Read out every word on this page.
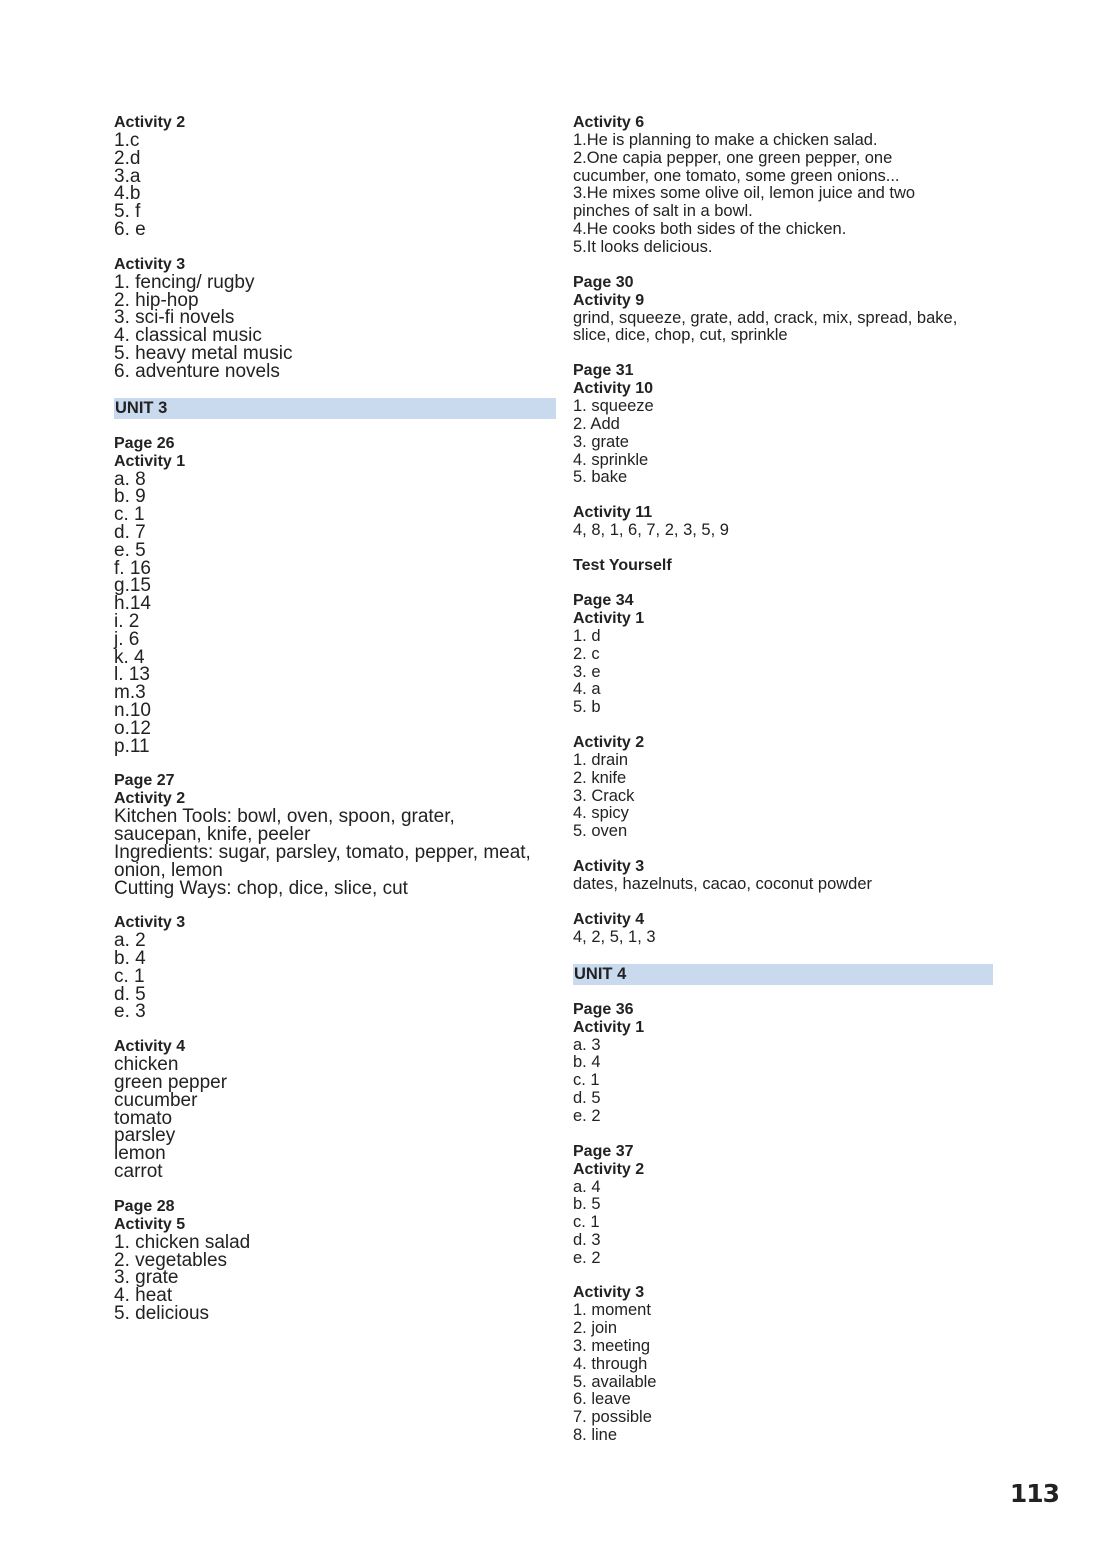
Activity 2
1.c
2.d
3.a
4.b
5. f
6. e
Activity 3
1. fencing/ rugby
2. hip-hop
3. sci-fi novels
4. classical music
5. heavy metal music
6. adventure novels
UNIT 3
Page 26
Activity 1
a. 8
b. 9
c. 1
d. 7
e. 5
f. 16
g.15
h.14
i. 2
j. 6
k. 4
l. 13
m.3
n.10
o.12
p.11
Page 27
Activity 2
Kitchen Tools: bowl, oven, spoon, grater,
saucepan, knife, peeler
Ingredients: sugar, parsley, tomato, pepper, meat,
onion, lemon
Cutting Ways: chop, dice, slice, cut
Activity 3
a. 2
b. 4
c. 1
d. 5
e. 3
Activity 4
chicken
green pepper
cucumber
tomato
parsley
lemon
carrot
Page 28
Activity 5
1. chicken salad
2. vegetables
3. grate
4. heat
5. delicious
Activity 6
1.He is planning to make a chicken salad.
2.One capia pepper, one green pepper, one
cucumber, one tomato, some green onions...
3.He mixes some olive oil, lemon juice and two
pinches of salt in a bowl.
4.He cooks both sides of the chicken.
5.It looks delicious.
Page 30
Activity 9
grind, squeeze, grate, add, crack, mix, spread, bake,
slice, dice, chop, cut, sprinkle
Page 31
Activity 10
1. squeeze
2. Add
3. grate
4. sprinkle
5. bake
Activity 11
4, 8, 1, 6, 7, 2, 3, 5, 9
Test Yourself
Page 34
Activity 1
1. d
2. c
3. e
4. a
5. b
Activity 2
1. drain
2. knife
3. Crack
4. spicy
5. oven
Activity 3
dates, hazelnuts, cacao, coconut powder
Activity 4
4, 2, 5, 1, 3
UNIT 4
Page 36
Activity 1
a. 3
b. 4
c. 1
d. 5
e. 2
Page 37
Activity 2
a. 4
b. 5
c. 1
d. 3
e. 2
Activity 3
1. moment
2. join
3. meeting
4. through
5. available
6. leave
7. possible
8. line
113
